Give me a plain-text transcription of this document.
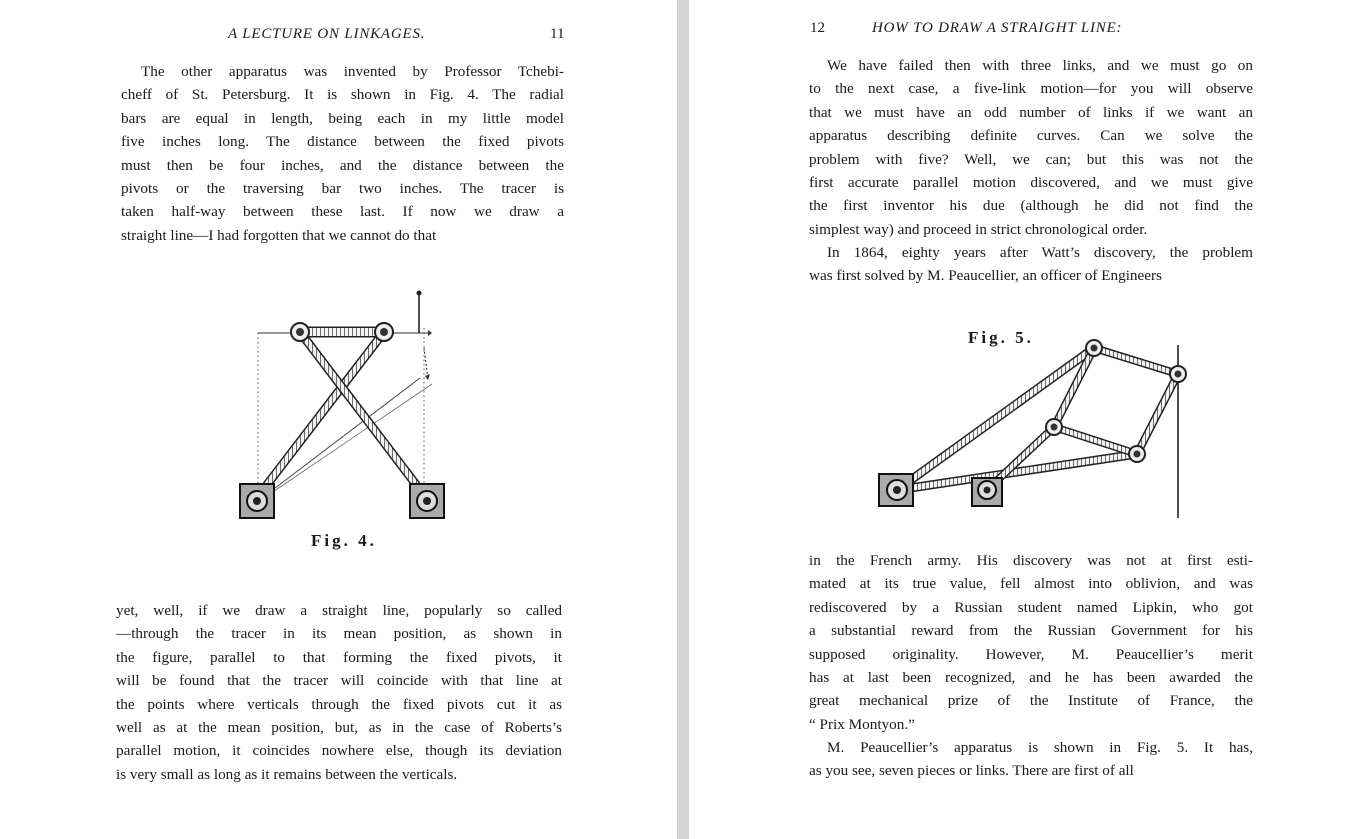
A LECTURE ON LINKAGES.	11
The other apparatus was invented by Professor Tchebi-
cheff of St. Petersburg. It is shown in Fig. 4. The radial
bars are equal in length, being each in my little model
five inches long. The distance between the fixed pivots
must then be four inches, and the distance between the
pivots or the traversing bar two inches. The tracer is
taken half-way between these last. If now we draw a
straight line—I had forgotten that we cannot do that
Fig. 4.
yet, well, if we draw a straight line, popularly so called
—through the tracer in its mean position, as shown in
the figure, parallel to that forming the fixed pivots, it
will be found that the tracer will coincide with that line at
the points where verticals through the fixed pivots cut it as
well as at the mean position, but, as in the case of Roberts’s
parallel motion, it coincides nowhere else, though its deviation
is very small as long as it remains between the verticals.
12	HOW TO DRAW A STRAIGHT LINE:
We have failed then with three links, and we must go on
to the next case, a five-link motion—for you will observe
that we must have an odd number of links if we want an
apparatus describing definite curves. Can we solve the
problem with five? Well, we can; but this was not the
first accurate parallel motion discovered, and we must give
the first inventor his due (although he did not find the
simplest way) and proceed in strict chronological order.
In 1864, eighty years after Watt’s discovery, the problem
was first solved by M. Peaucellier, an officer of Engineers
Fig. 5.
in the French army. His discovery was not at first esti-
mated at its true value, fell almost into oblivion, and was
rediscovered by a Russian student named Lipkin, who got
a substantial reward from the Russian Government for his
supposed originality. However, M. Peaucellier’s merit
has at last been recognized, and he has been awarded the
great mechanical prize of the Institute of France, the
“ Prix Montyon.”
M. Peaucellier’s apparatus is shown in Fig. 5. It has,
as you see, seven pieces or links. There are first of all
